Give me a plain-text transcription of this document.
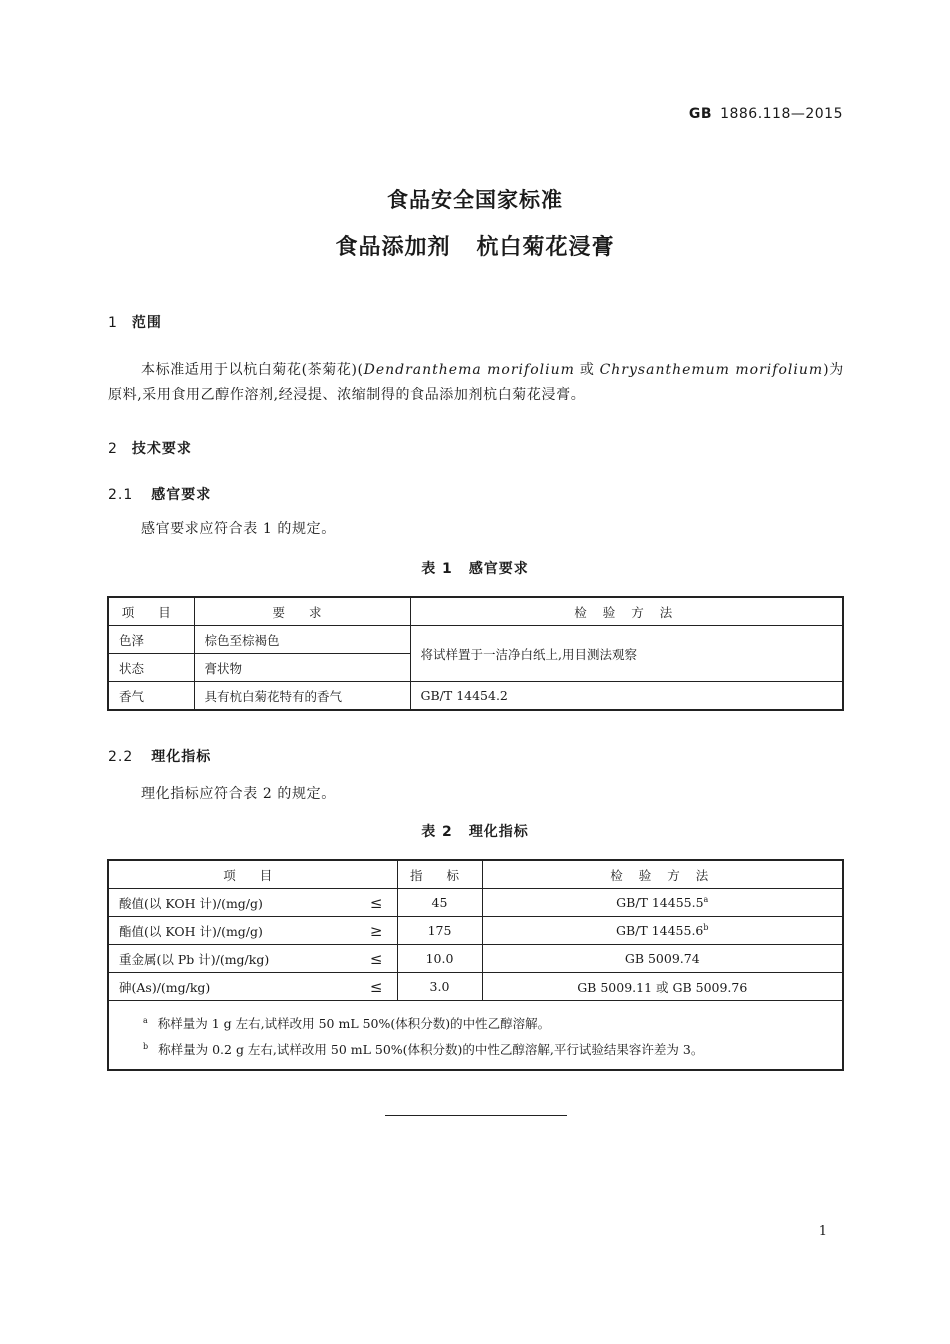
GB 1886.118—2015
食品安全国家标准
食品添加剂 杭白菊花浸膏
1 范围
本标准适用于以杭白菊花(茶菊花)(Dendranthema morifolium 或 Chrysanthemum morifolium)为原料,采用食用乙醇作溶剂,经浸提、浓缩制得的食品添加剂杭白菊花浸膏。
2 技术要求
2.1 感官要求
感官要求应符合表 1 的规定。
表 1 感官要求
项 目	要 求	检 验 方 法
色泽	棕色至棕褐色	将试样置于一洁净白纸上,用目测法观察
状态	膏状物	
香气	具有杭白菊花特有的香气	GB/T 14454.2
2.2 理化指标
理化指标应符合表 2 的规定。
表 2 理化指标
项 目	指 标	检 验 方 法
酸值(以 KOH 计)/(mg/g) ≤	45	GB/T 14455.5$^a$
酯值(以 KOH 计)/(mg/g) ≥	175	GB/T 14455.6$^b$
重金属(以 Pb 计)/(mg/kg) ≤	10.0	GB 5009.74
砷(As)/(mg/kg) ≤	3.0	GB 5009.11 或 GB 5009.76

$^a$ 称样量为 1 g 左右,试样改用 50 mL 50%(体积分数)的中性乙醇溶解。
$^b$ 称样量为 0.2 g 左右,试样改用 50 mL 50%(体积分数)的中性乙醇溶解,平行试验结果容许差为 3。		
1
